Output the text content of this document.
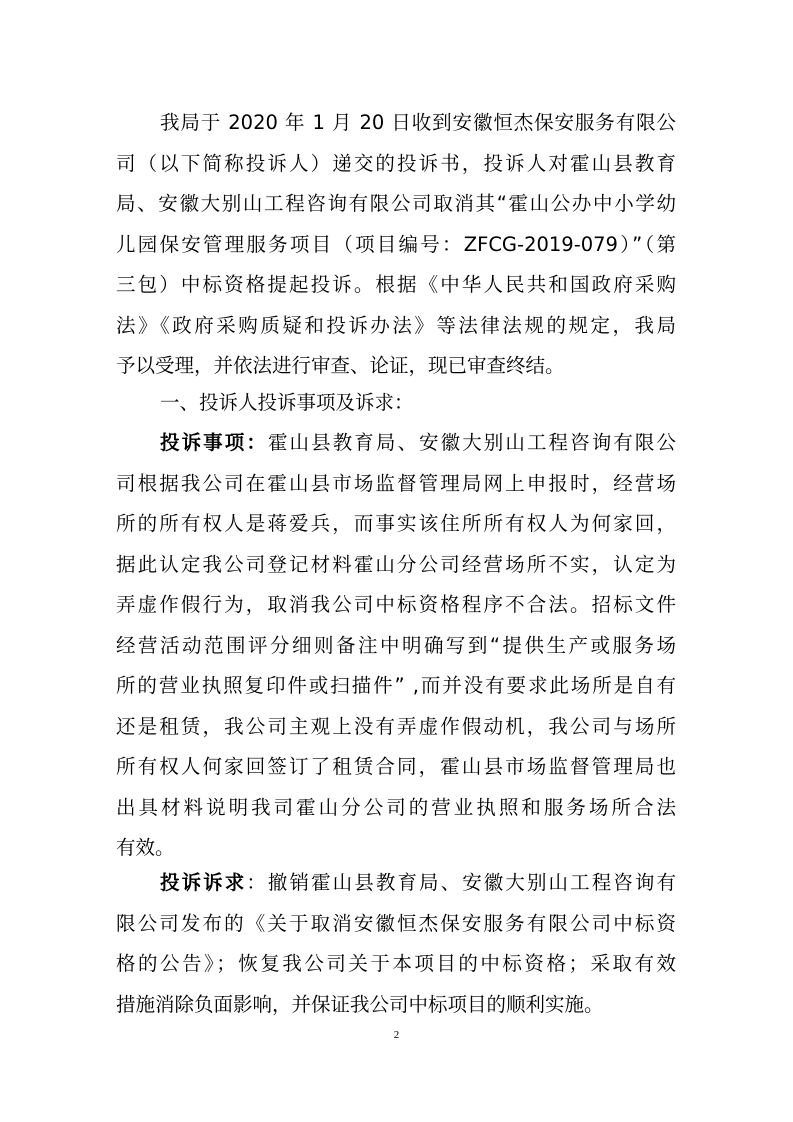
我局于 2020 年 1 月 20 日收到安徽恒杰保安服务有限公
司（以下简称投诉人）递交的投诉书，投诉人对霍山县教育
局、安徽大别山工程咨询有限公司取消其“霍山公办中小学幼
儿园保安管理服务项目（项目编号：ZFCG-2019-079）”（第
三包）中标资格提起投诉。根据《中华人民共和国政府采购
法》《政府采购质疑和投诉办法》等法律法规的规定，我局
予以受理，并依法进行审查、论证，现已审查终结。
一、投诉人投诉事项及诉求：
投诉事项：霍山县教育局、安徽大别山工程咨询有限公
司根据我公司在霍山县市场监督管理局网上申报时，经营场
所的所有权人是蒋爱兵，而事实该住所所有权人为何家回，
据此认定我公司登记材料霍山分公司经营场所不实，认定为
弄虚作假行为，取消我公司中标资格程序不合法。招标文件
经营活动范围评分细则备注中明确写到“提供生产或服务场
所的营业执照复印件或扫描件” ,而并没有要求此场所是自有
还是租赁，我公司主观上没有弄虚作假动机，我公司与场所
所有权人何家回签订了租赁合同，霍山县市场监督管理局也
出具材料说明我司霍山分公司的营业执照和服务场所合法
有效。
投诉诉求：撤销霍山县教育局、安徽大别山工程咨询有
限公司发布的《关于取消安徽恒杰保安服务有限公司中标资
格的公告》；恢复我公司关于本项目的中标资格；采取有效
措施消除负面影响，并保证我公司中标项目的顺利实施。
2
